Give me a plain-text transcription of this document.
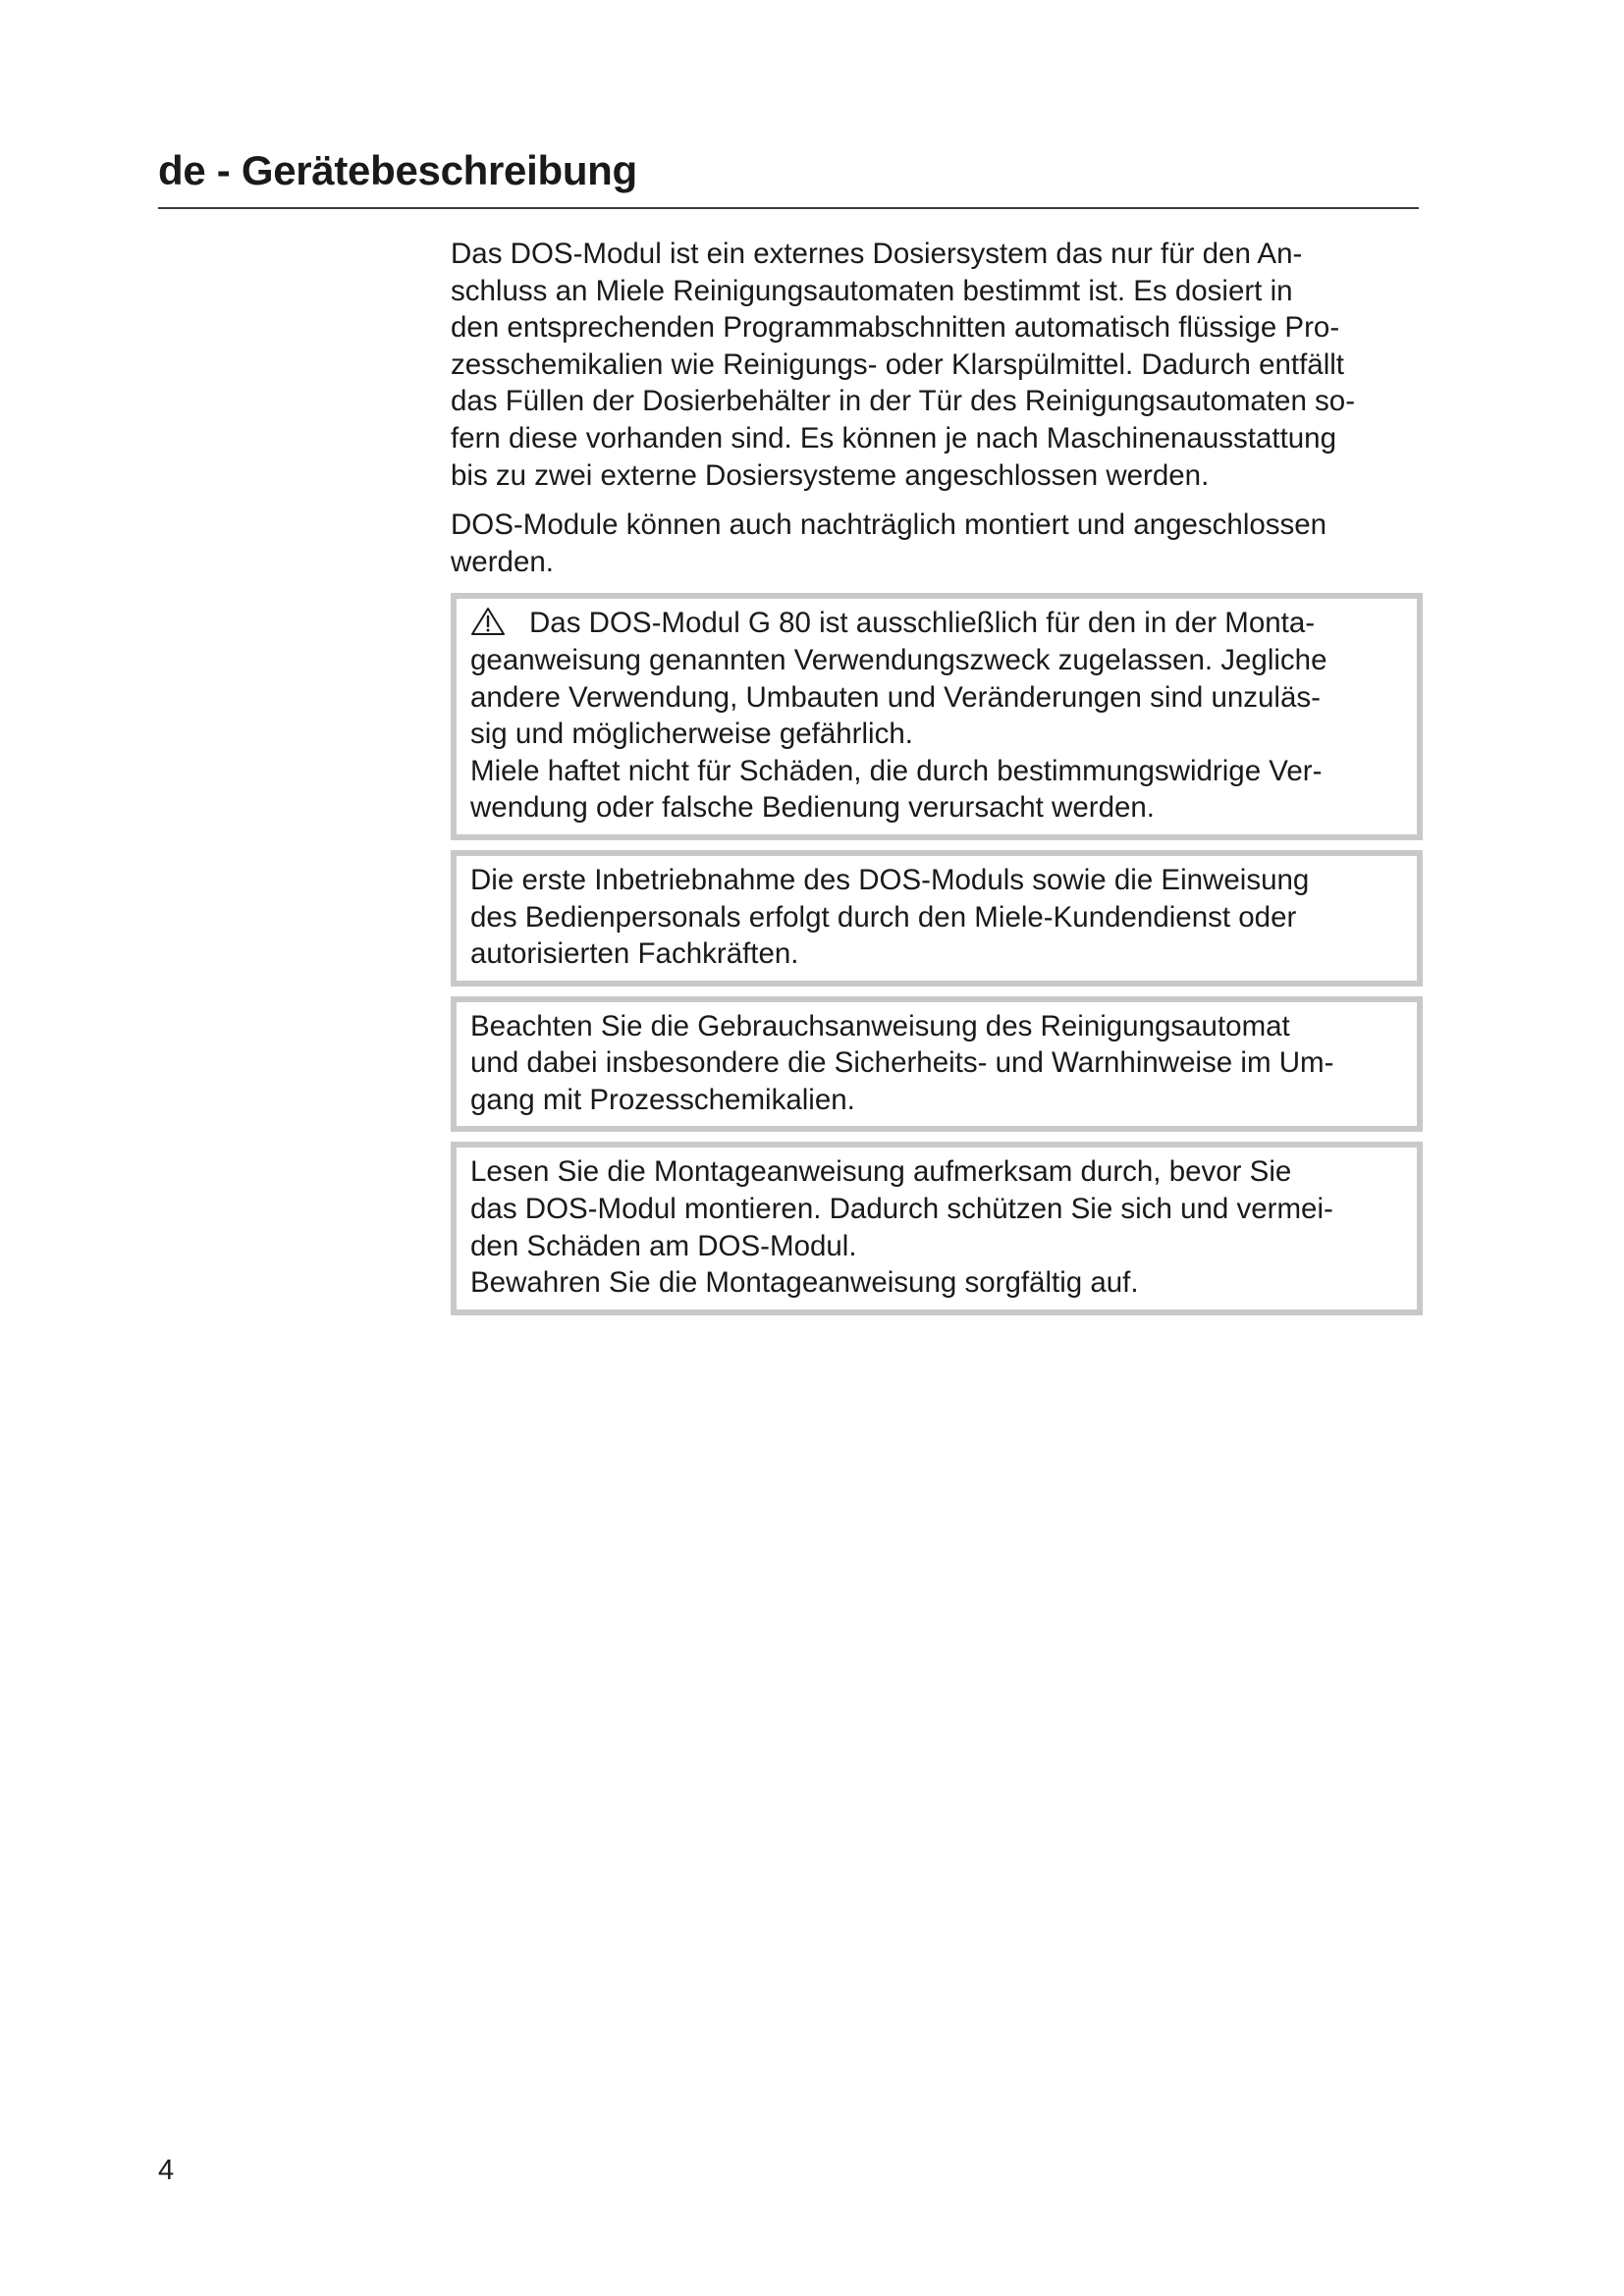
de - Gerätebeschreibung
Das DOS-Modul ist ein externes Dosiersystem das nur für den An-
schluss an Miele Reinigungsautomaten bestimmt ist. Es dosiert in
den entsprechenden Programmabschnitten automatisch flüssige Pro-
zesschemikalien wie Reinigungs- oder Klarspülmittel. Dadurch entfällt
das Füllen der Dosierbehälter in der Tür des Reinigungsautomaten so-
fern diese vorhanden sind. Es können je nach Maschinenausstattung
bis zu zwei externe Dosiersysteme angeschlossen werden.
DOS-Module können auch nachträglich montiert und angeschlossen
werden.
Das DOS-Modul G 80 ist ausschließlich für den in der Monta-
geanweisung genannten Verwendungszweck zugelassen. Jegliche
andere Verwendung, Umbauten und Veränderungen sind unzuläs-
sig und möglicherweise gefährlich.
Miele haftet nicht für Schäden, die durch bestimmungswidrige Ver-
wendung oder falsche Bedienung verursacht werden.
Die erste Inbetriebnahme des DOS-Moduls sowie die Einweisung
des Bedienpersonals erfolgt durch den Miele-Kundendienst oder
autorisierten Fachkräften.
Beachten Sie die Gebrauchsanweisung des Reinigungsautomat
und dabei insbesondere die Sicherheits- und Warnhinweise im Um-
gang mit Prozesschemikalien.
Lesen Sie die Montageanweisung aufmerksam durch, bevor Sie
das DOS-Modul montieren. Dadurch schützen Sie sich und vermei-
den Schäden am DOS-Modul.
Bewahren Sie die Montageanweisung sorgfältig auf.
4
